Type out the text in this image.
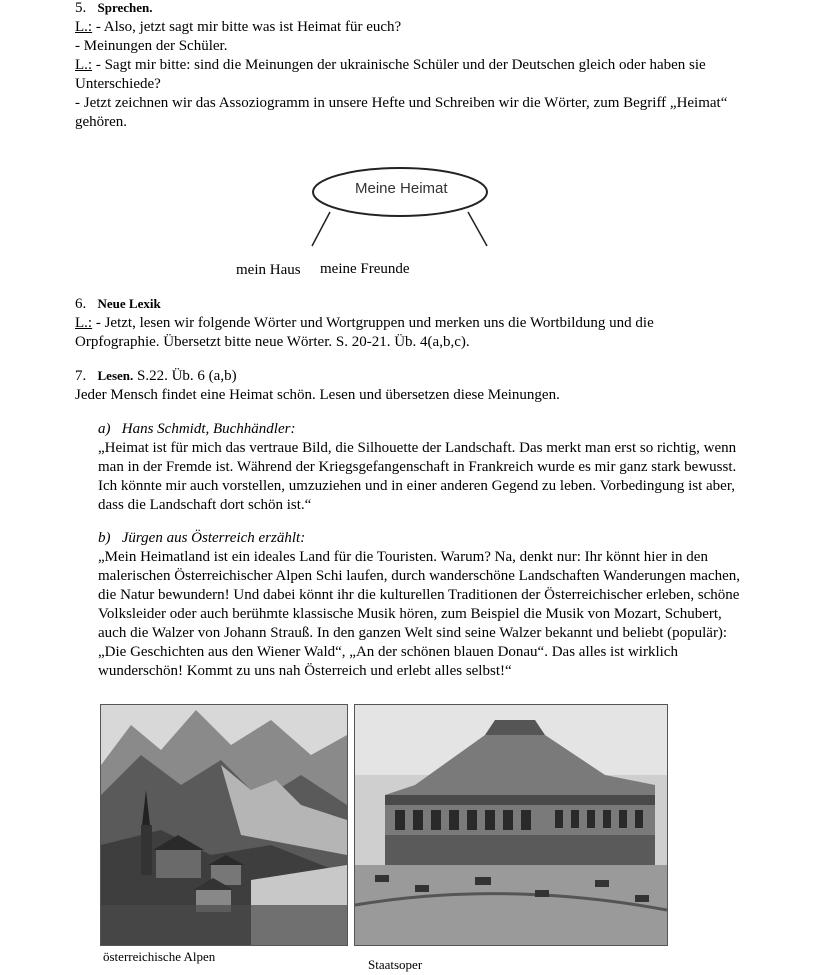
5. Sprechen.
L.: - Also, jetzt sagt mir bitte was ist Heimat für euch?
- Meinungen der Schüler.
L.: - Sagt mir bitte: sind die Meinungen der ukrainische Schüler und der Deutschen gleich oder haben sie
Unterschiede?
- Jetzt zeichnen wir das Assoziogramm in unsere Hefte und Schreiben wir die Wörter, zum Begriff „Heimat“
gehören.
Meine Heimat
mein Haus meine Freunde
6. Neue Lexik
L.: - Jetzt, lesen wir folgende Wörter und Wortgruppen und merken uns die Wortbildung und die
Orpfographie. Übersetzt bitte neue Wörter. S. 20-21. Üb. 4(a,b,c).
7. Lesen. S.22. Üb. 6 (a,b)
Jeder Mensch findet eine Heimat schön. Lesen und übersetzen diese Meinungen.
a)   Hans Schmidt, Buchhändler:
„Heimat ist für mich das vertraue Bild, die Silhouette der Landschaft. Das merkt man erst so richtig, wenn
man in der Fremde ist. Während der Kriegsgefangenschaft in Frankreich wurde es mir ganz stark bewusst.
Ich könnte mir auch vorstellen, umzuziehen und in einer anderen Gegend zu leben. Vorbedingung ist aber,
dass die Landschaft dort schön ist.“
b)   Jürgen aus Österreich erzählt:
„Mein Heimatland ist ein ideales Land für die Touristen. Warum? Na, denkt nur: Ihr könnt hier in den
malerischen Österreichischer Alpen Schi laufen, durch wanderschöne Landschaften Wanderungen machen,
die Natur bewundern! Und dabei könnt ihr die kulturellen Traditionen der Österreichischer erleben, schöne
Volksleider oder auch berühmte klassische Musik hören, zum Beispiel die Musik von Mozart, Schubert,
auch die Walzer von Johann Strauß. In den ganzen Welt sind seine Walzer bekannt und beliebt (populär):
„Die Geschichten aus den Wiener Wald“, „An der schönen blauen Donau“. Das alles ist wirklich
wunderschön! Kommt zu uns nah Österreich und erlebt alles selbst!“
österreichische Alpen
Staatsoper
